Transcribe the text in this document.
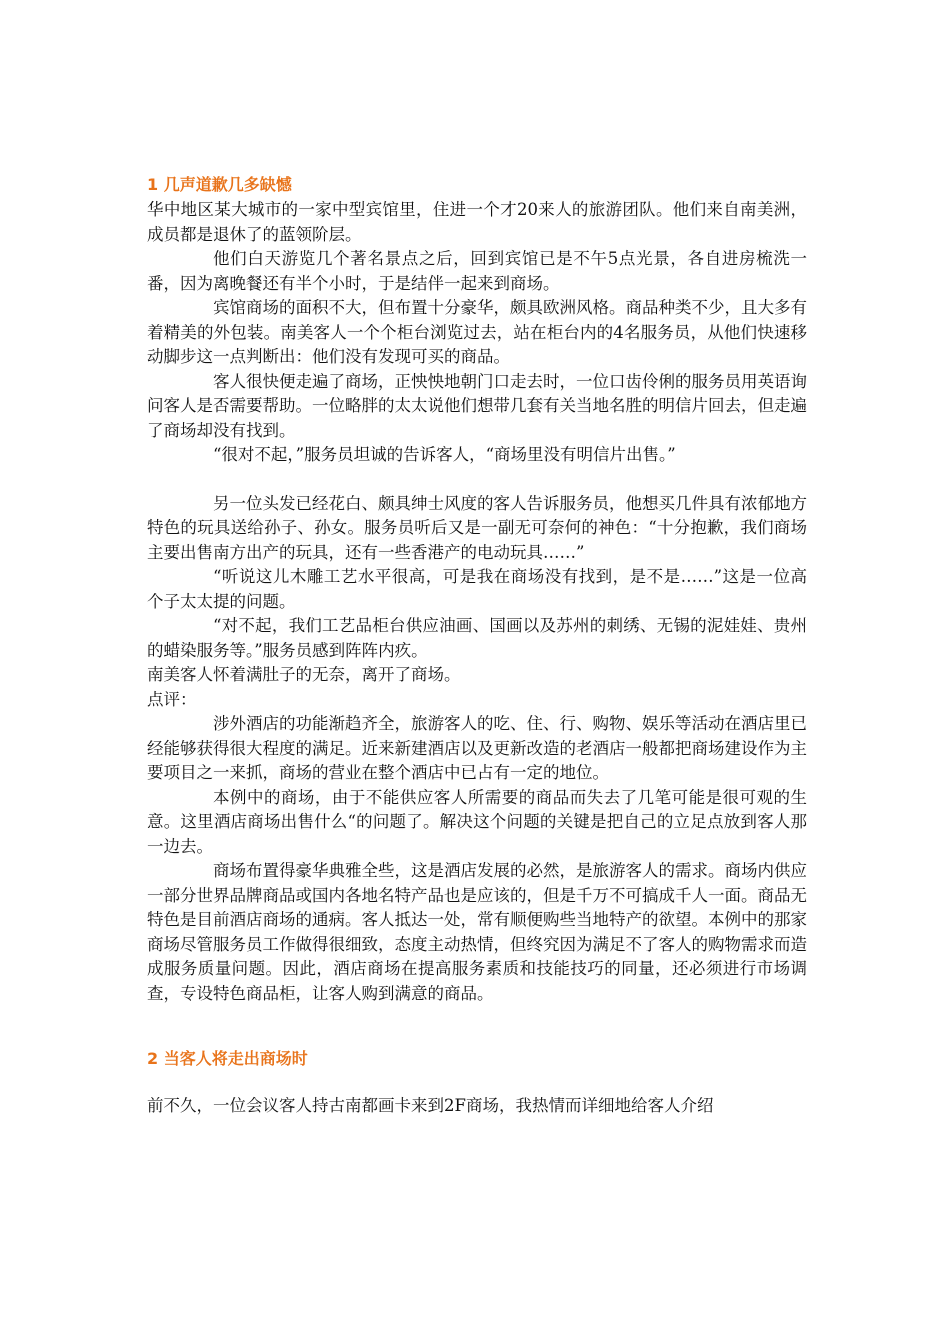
1 几声道歉几多缺憾

华中地区某大城市的一家中型宾馆里，住进一个才20来人的旅游团队。他们来自南美洲，成员都是退休了的蓝领阶层。

他们白天游览几个著名景点之后，回到宾馆已是不午5点光景，各自进房梳洗一番，因为离晚餐还有半个小时，于是结伴一起来到商场。

宾馆商场的面积不大，但布置十分豪华，颇具欧洲风格。商品种类不少，且大多有着精美的外包装。南美客人一个个柜台浏览过去，站在柜台内的4名服务员，从他们快速移动脚步这一点判断出：他们没有发现可买的商品。

客人很快便走遍了商场，正怏怏地朝门口走去时，一位口齿伶俐的服务员用英语询问客人是否需要帮助。一位略胖的太太说他们想带几套有关当地名胜的明信片回去，但走遍了商场却没有找到。

“很对不起，”服务员坦诚的告诉客人，“商场里没有明信片出售。”

另一位头发已经花白、颇具绅士风度的客人告诉服务员，他想买几件具有浓郁地方特色的玩具送给孙子、孙女。服务员听后又是一副无可奈何的神色：“十分抱歉，我们商场主要出售南方出产的玩具，还有一些香港产的电动玩具……”

“听说这儿木雕工艺水平很高，可是我在商场没有找到，是不是……”这是一位高个子太太提的问题。

“对不起，我们工艺品柜台供应油画、国画以及苏州的刺绣、无锡的泥娃娃、贵州的蜡染服务等。”服务员感到阵阵内疚。

南美客人怀着满肚子的无奈，离开了商场。

点评：

涉外酒店的功能渐趋齐全，旅游客人的吃、住、行、购物、娱乐等活动在酒店里已经能够获得很大程度的满足。近来新建酒店以及更新改造的老酒店一般都把商场建设作为主要项目之一来抓，商场的营业在整个酒店中已占有一定的地位。

本例中的商场，由于不能供应客人所需要的商品而失去了几笔可能是很可观的生意。这里酒店商场出售什么“的问题了。解决这个问题的关键是把自己的立足点放到客人那一边去。

商场布置得豪华典雅全些，这是酒店发展的必然，是旅游客人的需求。商场内供应一部分世界品牌商品或国内各地名特产品也是应该的，但是千万不可搞成千人一面。商品无特色是目前酒店商场的通病。客人抵达一处，常有顺便购些当地特产的欲望。本例中的那家商场尽管服务员工作做得很细致，态度主动热情，但终究因为满足不了客人的购物需求而造成服务质量问题。因此，酒店商场在提高服务素质和技能技巧的同量，还必须进行市场调查，专设特色商品柜，让客人购到满意的商品。

2 当客人将走出商场时

前不久，一位会议客人持古南都画卡来到2F商场，我热情而详细地给客人介绍
